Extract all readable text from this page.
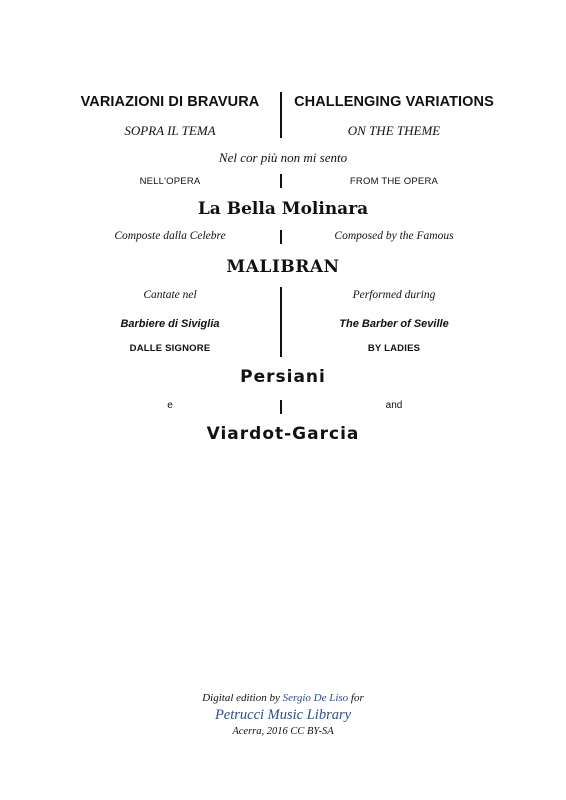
VARIAZIONI DI BRAVURA	CHALLENGING VARIATIONS
SOPRA IL TEMA	ON THE THEME
Nel cor più non mi sento
NELL'OPERA	FROM THE OPERA
La Bella Molinara
Composte dalla Celebre	Composed by the Famous
MALIBRAN
Cantate nel	Performed during
Barbiere di Siviglia	The Barber of Seville
DALLE SIGNORE	BY LADIES
Persiani
e	and
Viardot-Garcia
Digital edition by Sergio De Liso for
Petrucci Music Library
Acerra, 2016 CC BY-SA
